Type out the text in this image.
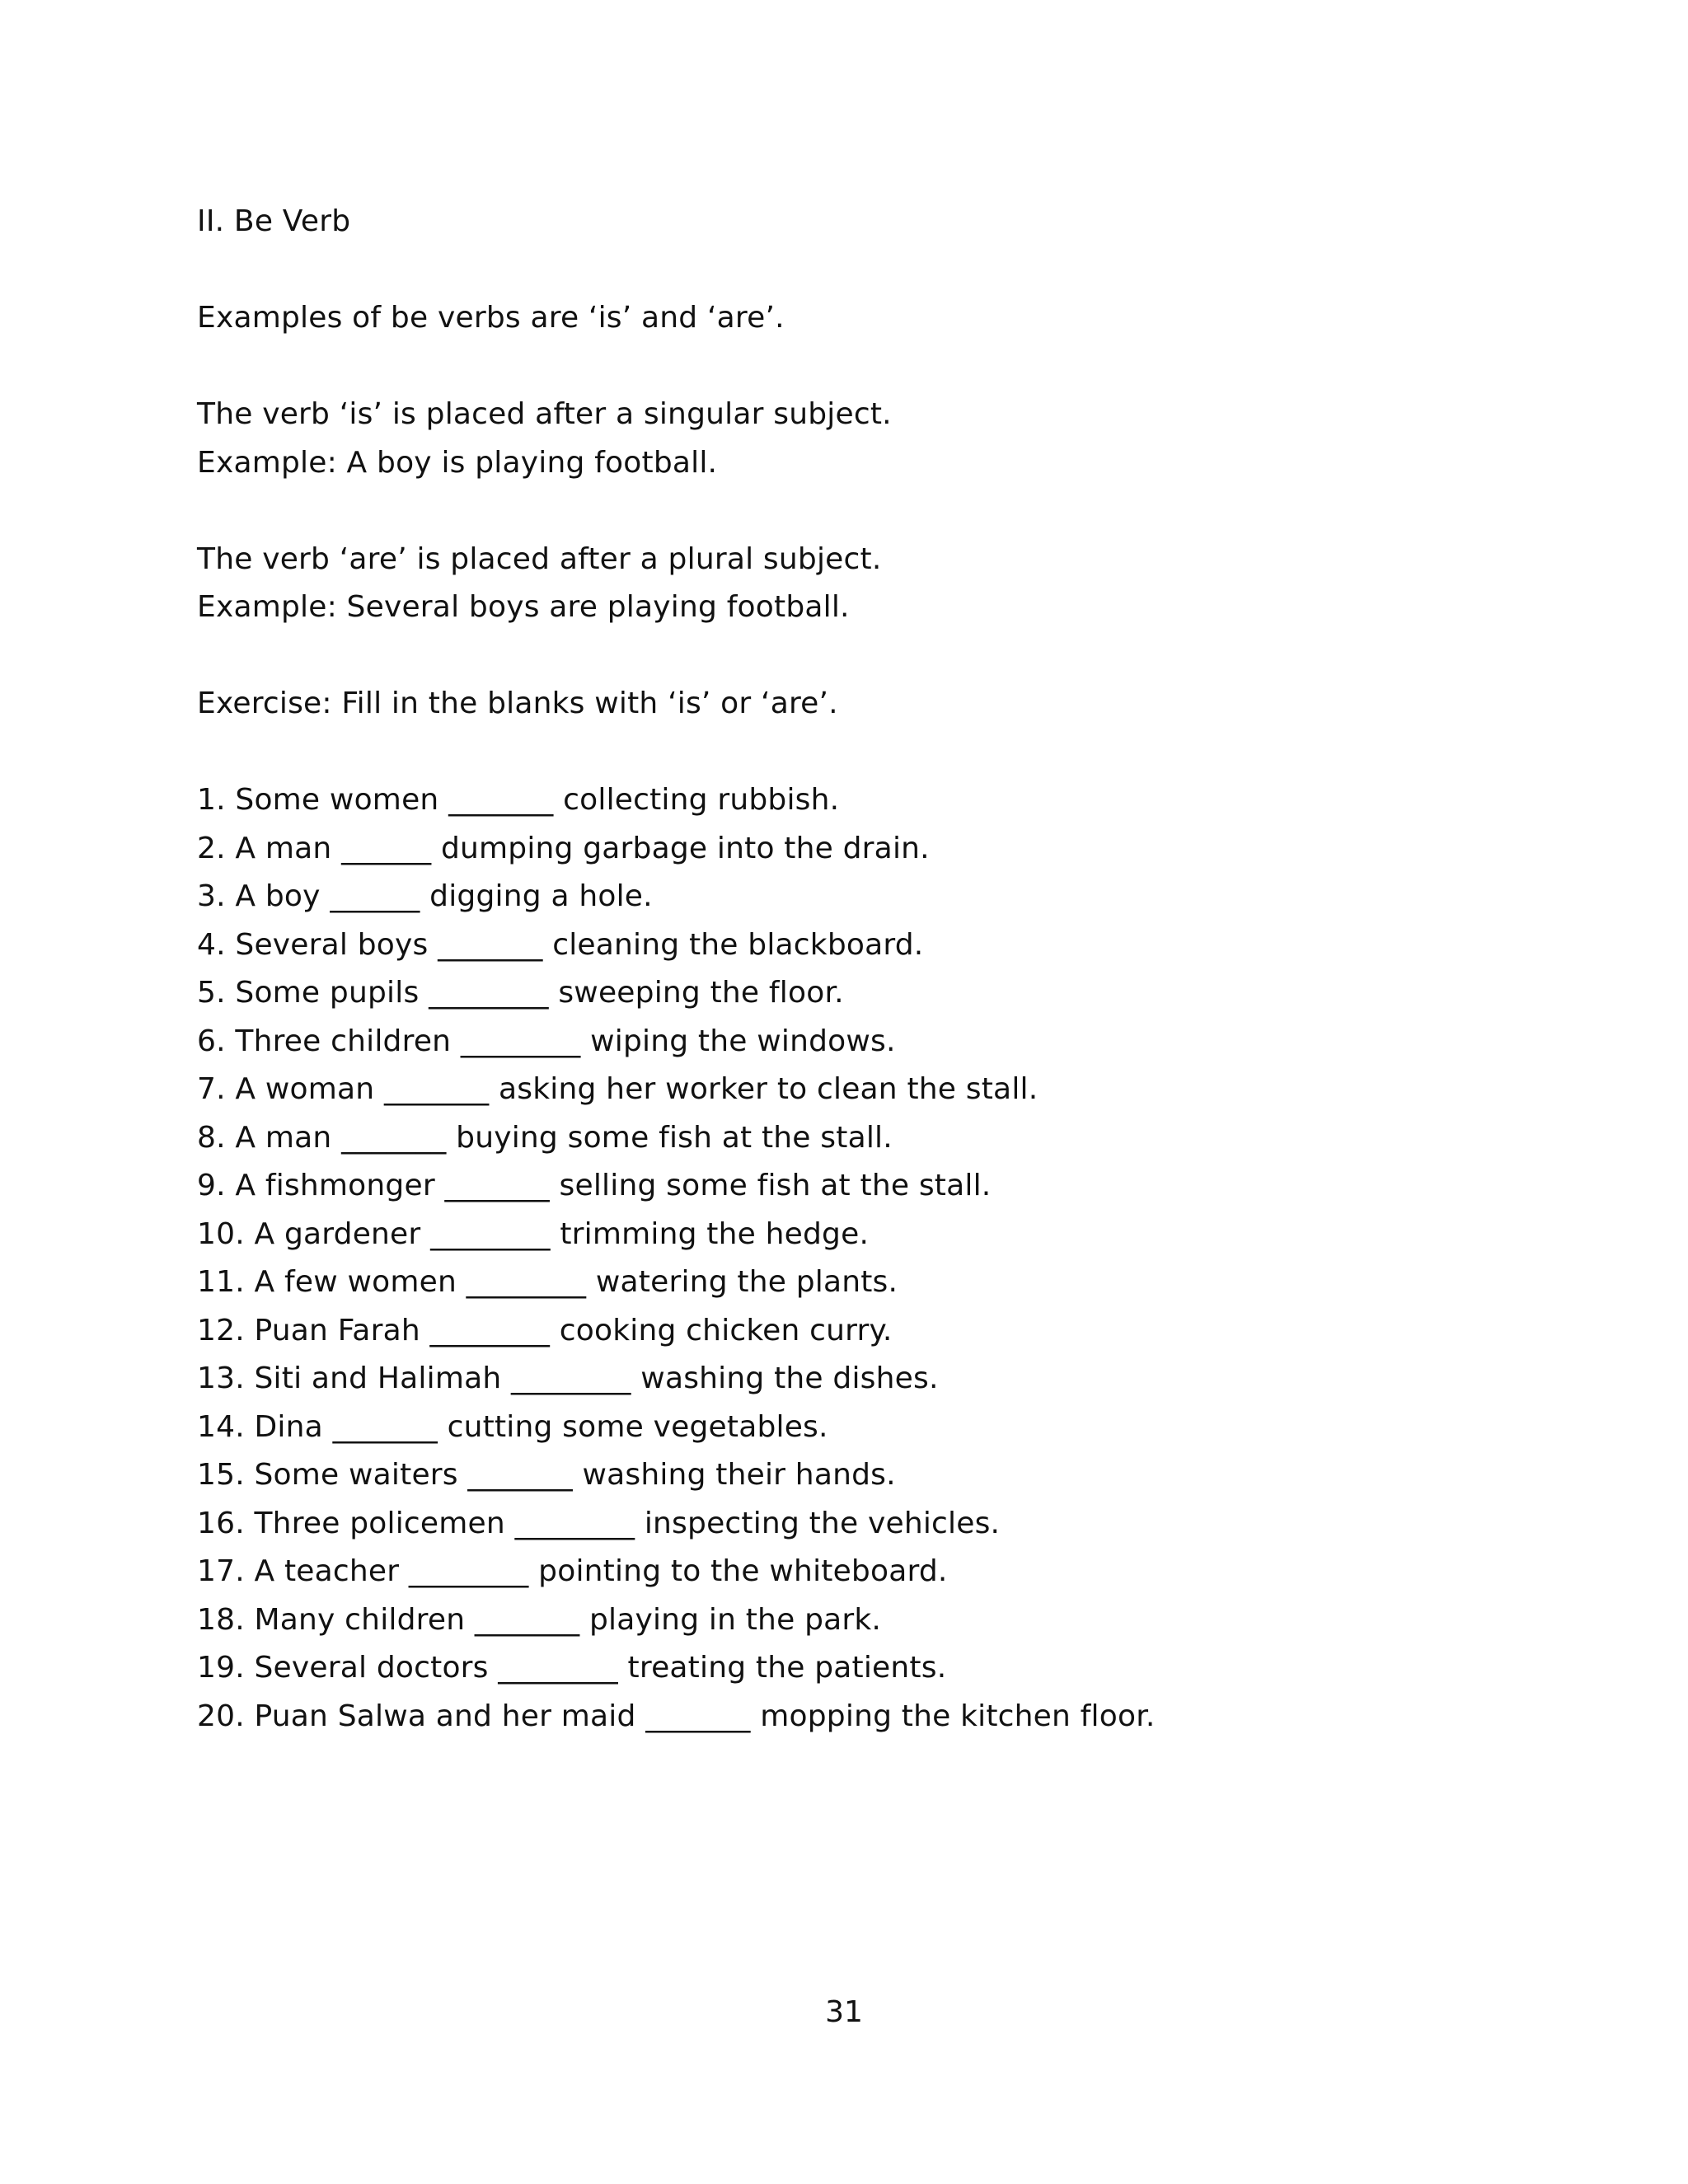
II. Be Verb
Examples of be verbs are ‘is’ and ‘are’.
The verb ‘is’ is placed after a singular subject.
Example: A boy is playing football.
The verb ‘are’ is placed after a plural subject.
Example: Several boys are playing football.
Exercise: Fill in the blanks with ‘is’ or ‘are’.
1. Some women _______ collecting rubbish.
2. A man ______ dumping garbage into the drain.
3. A boy ______ digging a hole.
4. Several boys _______ cleaning the blackboard.
5. Some pupils ________ sweeping the floor.
6. Three children ________ wiping the windows.
7. A woman _______ asking her worker to clean the stall.
8. A man _______ buying some fish at the stall.
9. A fishmonger _______ selling some fish at the stall.
10. A gardener ________ trimming the hedge.
11. A few women ________ watering the plants.
12. Puan Farah ________ cooking chicken curry.
13. Siti and Halimah ________ washing the dishes.
14. Dina _______ cutting some vegetables.
15. Some waiters _______ washing their hands.
16. Three policemen ________ inspecting the vehicles.
17. A teacher ________ pointing to the whiteboard.
18. Many children _______ playing in the park.
19. Several doctors ________ treating the patients.
20. Puan Salwa and her maid _______ mopping the kitchen floor.
31
